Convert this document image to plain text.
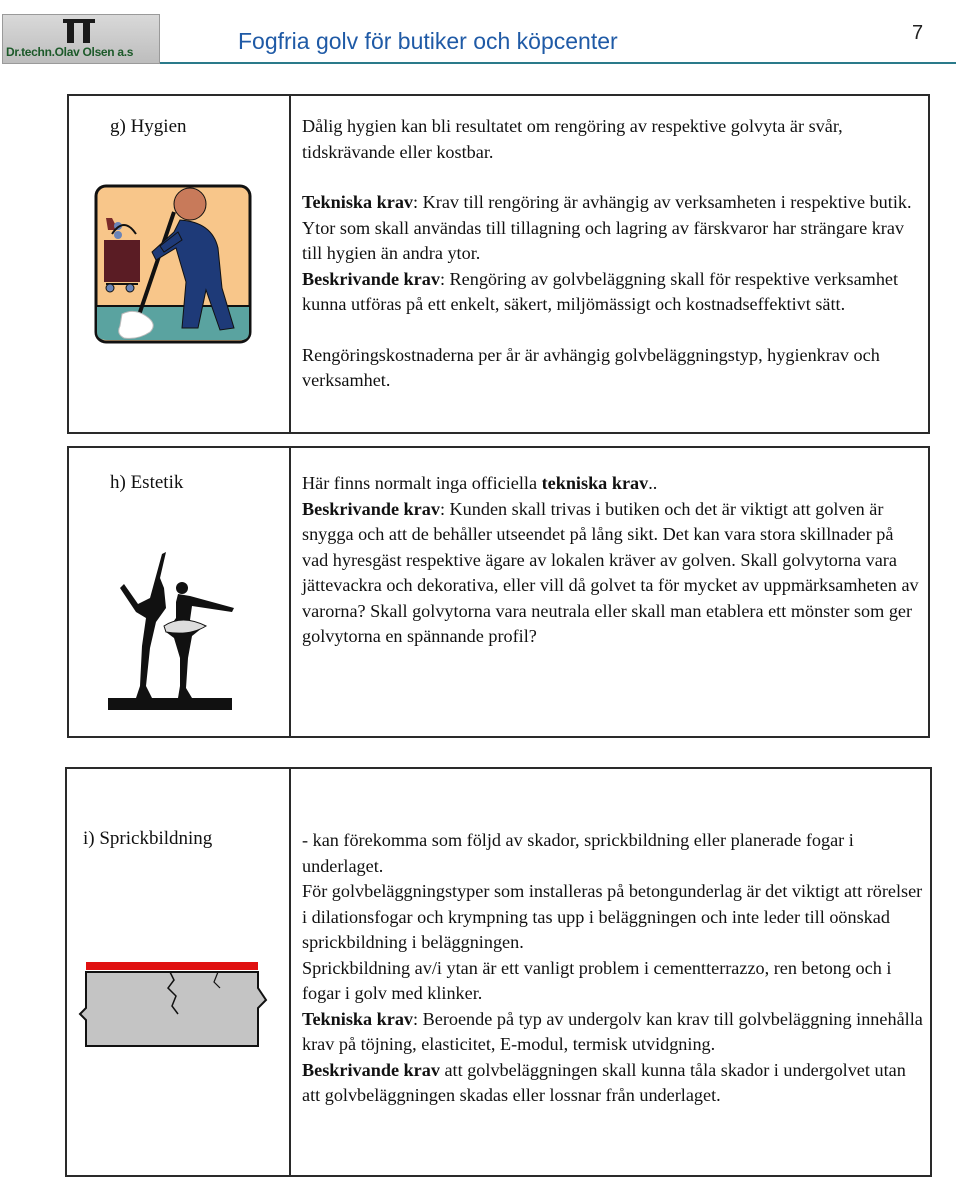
Dr.techn.Olav Olsen a.s	Fogfria golv för butiker och köpcenter	7
g) Hygien	Dålig hygien kan bli resultatet om rengöring av respektive golvyta är svår, tidskrävande eller kostbar.

Tekniska krav: Krav till rengöring är avhängig av verksamheten i respektive butik. Ytor som skall användas till tillagning och lagring av färskvaror har strängare krav till hygien än andra ytor.

Beskrivande krav: Rengöring av golvbeläggning skall för respektive verksamhet kunna utföras på ett enkelt, säkert, miljömässigt och kostnadseffektivt sätt.

Rengöringskostnaderna per år är avhängig golvbeläggningstyp, hygienkrav och verksamhet.

h) Estetik	Här finns normalt inga officiella tekniska krav..

Beskrivande krav: Kunden skall trivas i butiken och det är viktigt att golven är snygga och att de behåller utseendet på lång sikt. Det kan vara stora skillnader på vad hyresgäst respektive ägare av lokalen kräver av golven. Skall golvytorna vara jättevackra och dekorativa, eller vill då golvet ta för mycket av uppmärksamheten av varorna? Skall golvytorna vara neutrala eller skall man etablera ett mönster som ger golvytorna en spännande profil?

i) Sprickbildning	- kan förekomma som följd av skador, sprickbildning eller planerade fogar i underlaget.

För golvbeläggningstyper som installeras på betongunderlag är det viktigt att rörelser i dilationsfogar och krympning tas upp i beläggningen och inte leder till oönskad sprickbildning i beläggningen.

Sprickbildning av/i ytan är ett vanligt problem i cementterrazzo, ren betong och i fogar i golv med klinker.

Tekniska krav: Beroende på typ av undergolv kan krav till golvbeläggning innehålla krav på töjning, elasticitet, E-modul, termisk utvidgning.

Beskrivande krav att golvbeläggningen skall kunna tåla skador i undergolvet utan att golvbeläggningen skadas eller lossnar från underlaget.
